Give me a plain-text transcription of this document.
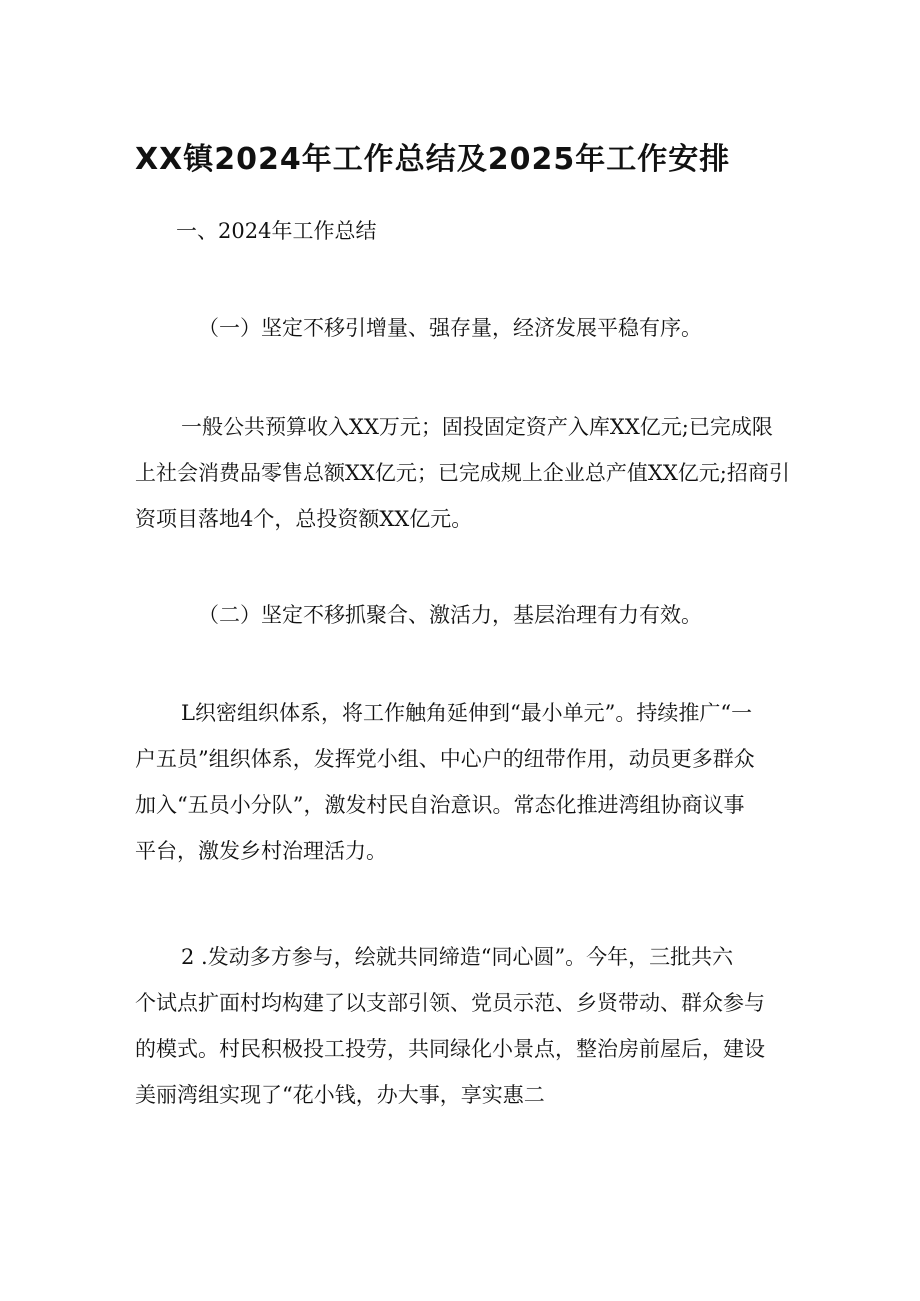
XX镇2024年工作总结及2025年工作安排
一、2024年工作总结
（一）坚定不移引增量、强存量，经济发展平稳有序。
一般公共预算收入XX万元；固投固定资产入库XX亿元;已完成限
上社会消费品零售总额XX亿元；已完成规上企业总产值XX亿元;招商引
资项目落地4个，总投资额XX亿元。
（二）坚定不移抓聚合、激活力，基层治理有力有效。
L织密组织体系，将工作触角延伸到“最小单元”。持续推广“一
户五员”组织体系，发挥党小组、中心户的纽带作用，动员更多群众
加入“五员小分队”，激发村民自治意识。常态化推进湾组协商议事
平台，激发乡村治理活力。
2 .发动多方参与，绘就共同缔造“同心圆”。今年，三批共六
个试点扩面村均构建了以支部引领、党员示范、乡贤带动、群众参与
的模式。村民积极投工投劳，共同绿化小景点，整治房前屋后，建设
美丽湾组实现了“花小钱，办大事，享实惠二
